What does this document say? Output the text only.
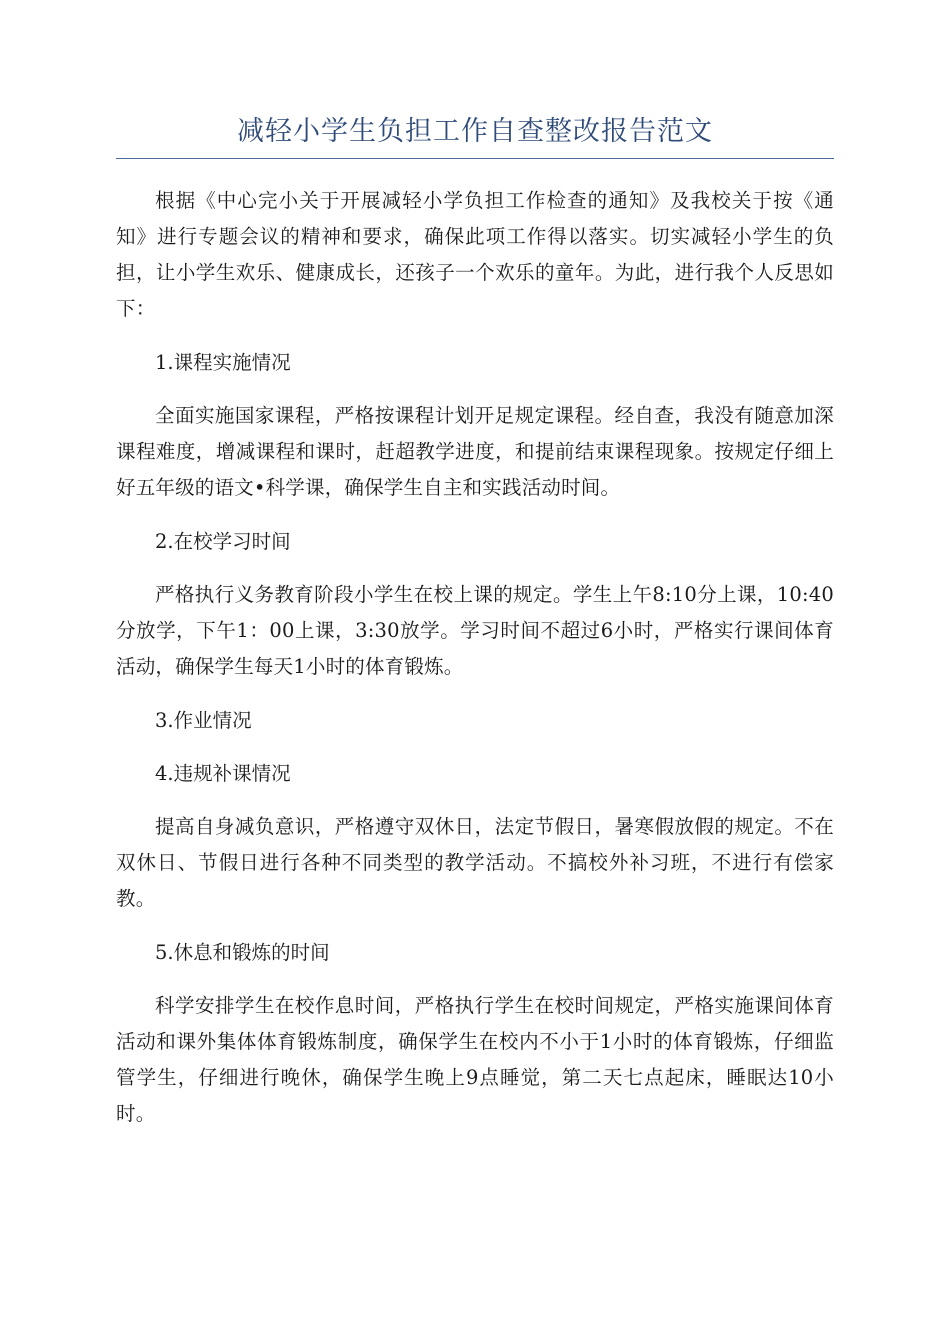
减轻小学生负担工作自查整改报告范文

根据《中心完小关于开展减轻小学负担工作检查的通知》及我校关于按《通知》进行专题会议的精神和要求，确保此项工作得以落实。切实减轻小学生的负担，让小学生欢乐、健康成长，还孩子一个欢乐的童年。为此，进行我个人反思如下：

1.课程实施情况

全面实施国家课程，严格按课程计划开足规定课程。经自查，我没有随意加深课程难度，增减课程和课时，赶超教学进度，和提前结束课程现象。按规定仔细上好五年级的语文•科学课，确保学生自主和实践活动时间。

2.在校学习时间

严格执行义务教育阶段小学生在校上课的规定。学生上午8:10分上课，10:40分放学，下午1：00上课，3:30放学。学习时间不超过6小时，严格实行课间体育活动，确保学生每天1小时的体育锻炼。

3.作业情况

4.违规补课情况

提高自身减负意识，严格遵守双休日，法定节假日，暑寒假放假的规定。不在双休日、节假日进行各种不同类型的教学活动。不搞校外补习班，不进行有偿家教。

5.休息和锻炼的时间

科学安排学生在校作息时间，严格执行学生在校时间规定，严格实施课间体育活动和课外集体体育锻炼制度，确保学生在校内不小于1小时的体育锻炼，仔细监管学生，仔细进行晚休，确保学生晚上9点睡觉，第二天七点起床，睡眠达10小时。
